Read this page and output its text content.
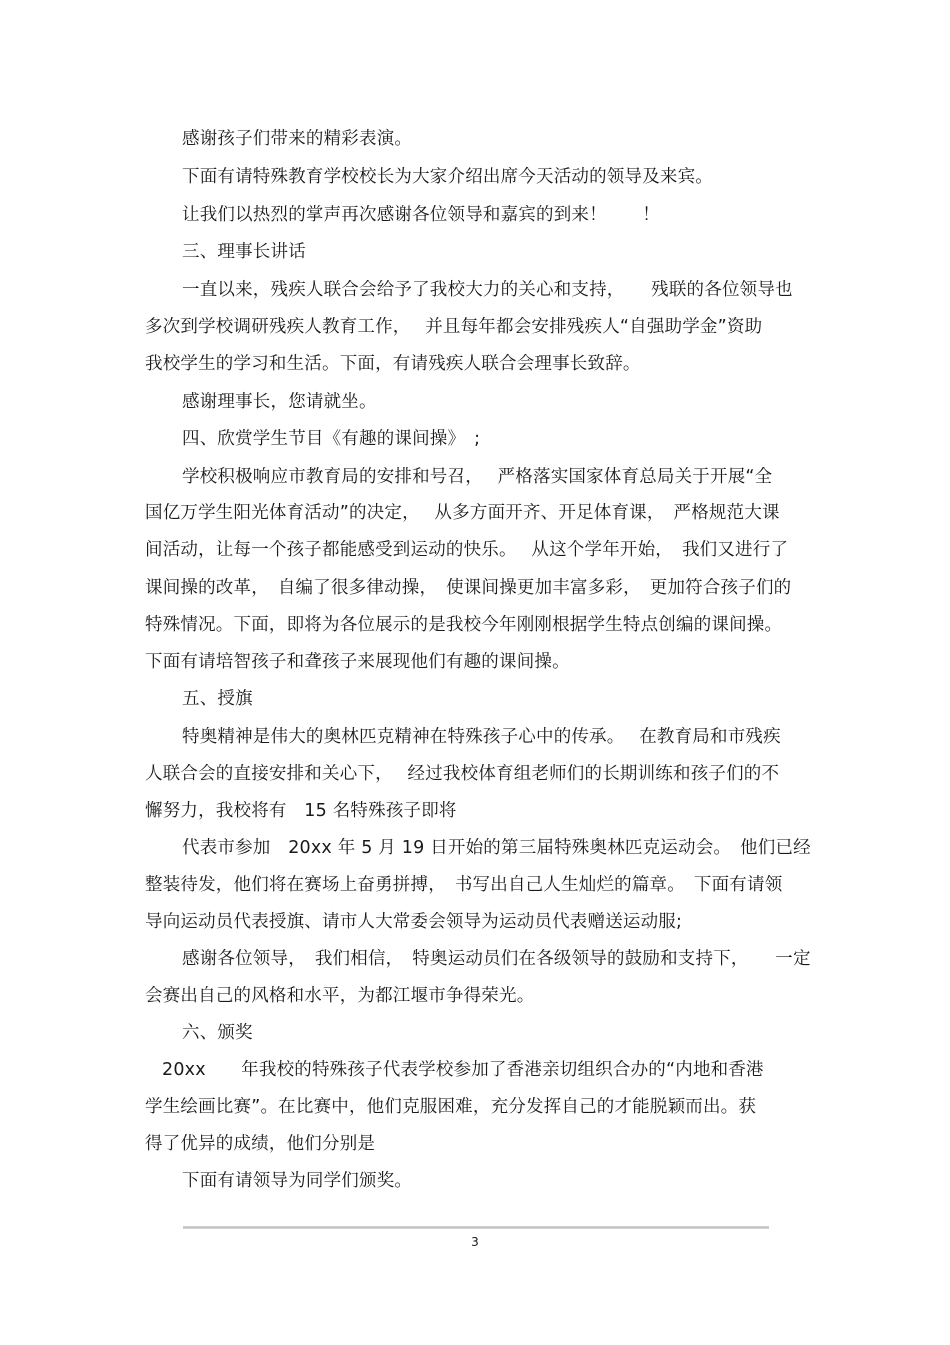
感谢孩子们带来的精彩表演。
下面有请特殊教育学校校长为大家介绍出席今天活动的领导及来宾。
让我们以热烈的掌声再次感谢各位领导和嘉宾的到来！　　！
三、理事长讲话
一直以来，残疾人联合会给予了我校大力的关心和支持，　　残联的各位领导也
多次到学校调研残疾人教育工作，　 并且每年都会安排残疾人“自强助学金”资助
我校学生的学习和生活。下面，有请残疾人联合会理事长致辞。
感谢理事长，您请就坐。
四、欣赏学生节目《有趣的课间操》　;
学校积极响应市教育局的安排和号召，　 严格落实国家体育总局关于开展“全
国亿万学生阳光体育活动”的决定，　 从多方面开齐、开足体育课，　严格规范大课
间活动，让每一个孩子都能感受到运动的快乐。　 从这个学年开始，　我们又进行了
课间操的改革，　自编了很多律动操，　使课间操更加丰富多彩，　更加符合孩子们的
特殊情况。下面，即将为各位展示的是我校今年刚刚根据学生特点创编的课间操。
下面有请培智孩子和聋孩子来展现他们有趣的课间操。
五、授旗
特奥精神是伟大的奥林匹克精神在特殊孩子心中的传承。　 在教育局和市残疾
人联合会的直接安排和关心下，　 经过我校体育组老师们的长期训练和孩子们的不
懈努力，我校将有　15 名特殊孩子即将
代表市参加　20xx 年 5 月 19 日开始的第三届特殊奥林匹克运动会。　他们已经
整装待发，他们将在赛场上奋勇拼搏，　书写出自己人生灿烂的篇章。　下面有请领
导向运动员代表授旗、请市人大常委会领导为运动员代表赠送运动服;
感谢各位领导，　我们相信，　特奥运动员们在各级领导的鼓励和支持下，　　一定
会赛出自己的风格和水平，为都江堰市争得荣光。
六、颁奖
20xx　　年我校的特殊孩子代表学校参加了香港亲切组织合办的“内地和香港
学生绘画比赛”。在比赛中，他们克服困难，充分发挥自己的才能脱颖而出。获
得了优异的成绩，他们分别是
下面有请领导为同学们颁奖。
3
